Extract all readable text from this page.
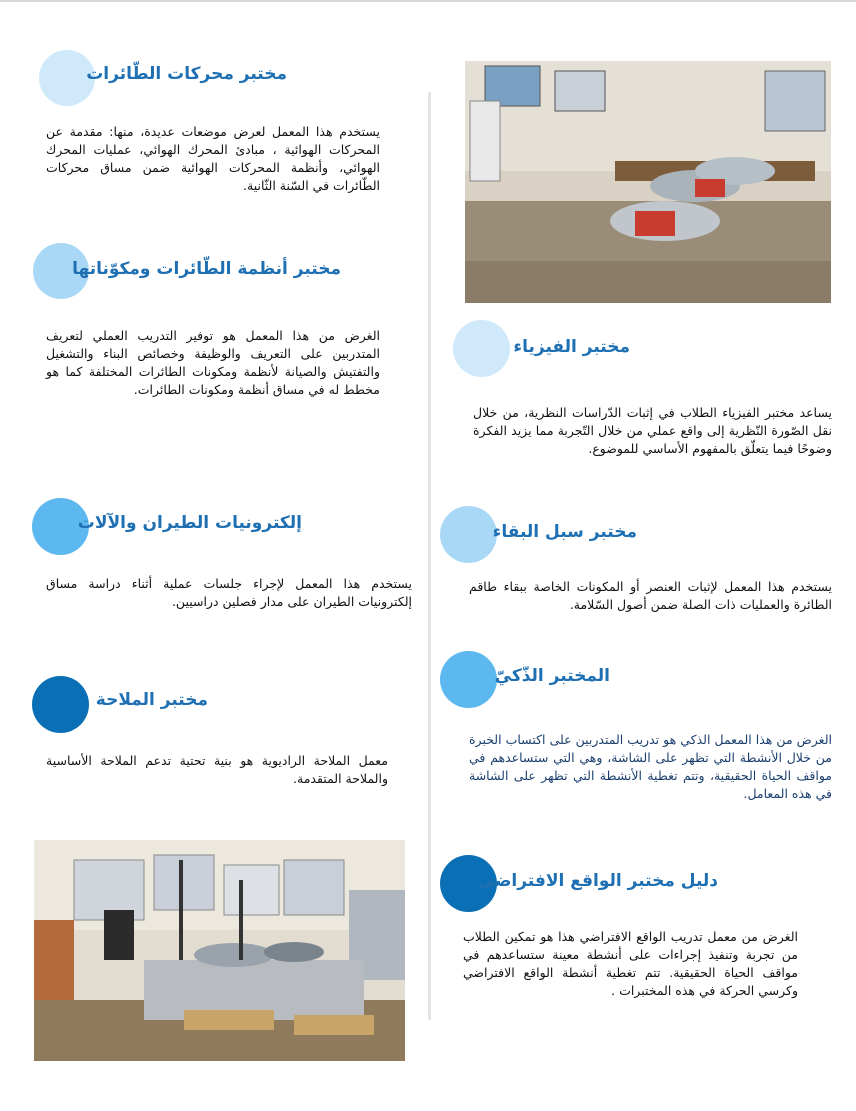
مختبر محركات الطّائرات
يستخدم هذا المعمل لعرض موضعات عديدة، منها: مقدمة عن المحركات الهوائية ، مبادئ المحرك الهوائي، عمليات المحرك الهوائي، وأنظمة المحركات الهوائية ضمن مساق محركات الطّائرات في السّنة الثّانية.
مختبر أنظمة الطّائرات ومكوّناتها
الغرض من هذا المعمل هو توفير التدريب العملي لتعريف المتدربين على التعريف والوظيفة وخصائص البناء والتشغيل والتفتيش والصيانة لأنظمة ومكونات الطائرات المختلفة كما هو مخطط له في مساق أنظمة ومكونات الطائرات.
إلكترونيات الطيران والآلات
يستخدم هذا المعمل لإجراء جلسات عملية أثناء دراسة مساق إلكترونيات الطيران على مدار فصلين دراسيين.
مختبر الملاحة
معمل الملاحة الراديوية هو بنية تحتية تدعم الملاحة الأساسية والملاحة المتقدمة.
مختبر الفيزياء
يساعد مختبر الفيزياء الطلاب في إثبات الدّراسات النظرية، من خلال نقل الصّورة النّظرية إلى واقع عملي من خلال التّجربة مما يزيد الفكرة وضوحًا فيما يتعلّق بالمفهوم الأساسي للموضوع.
مختبر سبل البقاء
يستخدم هذا المعمل لإثبات العنصر أو المكونات الخاصة ببقاء طاقم الطائرة والعمليات ذات الصلة ضمن أصول السّلامة.
المختبر الذّكيّ
الغرض من هذا المعمل الذكي هو تدريب المتدربين على اكتساب الخبرة من خلال الأنشطة التي تظهر على الشاشة، وهي التي ستساعدهم في مواقف الحياة الحقيقية، وتتم تغطية الأنشطة التي تظهر على الشاشة في هذه المعامل.
دليل مختبر الواقع الافتراضي
الغرض من معمل تدريب الواقع الافتراضي هذا هو تمكين الطلاب من تجربة وتنفيذ إجراءات على أنشطة معينة ستساعدهم في مواقف الحياة الحقيقية. تتم تغطية أنشطة الواقع الافتراضي وكرسي الحركة في هذه المختبرات .
